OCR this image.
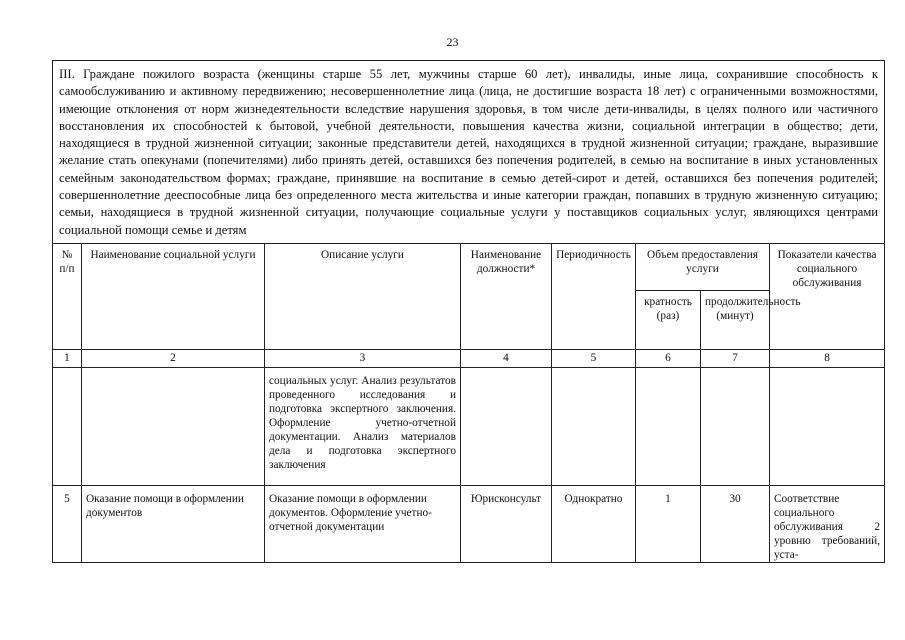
23
III. Граждане пожилого возраста (женщины старше 55 лет, мужчины старше 60 лет), инвалиды, иные лица, сохранившие способность к самообслуживанию и активному передвижению; несовершеннолетние лица (лица, не достигшие возраста 18 лет) с ограниченными возможностями, имеющие отклонения от норм жизнедеятельности вследствие нарушения здоровья, в том числе дети-инвалиды, в целях полного или частичного восстановления их способностей к бытовой, учебной деятельности, повышения качества жизни, социальной интеграции в общество; дети, находящиеся в трудной жизненной ситуации; законные представители детей, находящихся в трудной жизненной ситуации; граждане, выразившие желание стать опекунами (попечителями) либо принять детей, оставшихся без попечения родителей, в семью на воспитание в иных установленных семейным законодательством формах; граждане, принявшие на воспитание в семью детей-сирот и детей, оставшихся без попечения родителей; совершеннолетние дееспособные лица без определенного места жительства и иные категории граждан, попавших в трудную жизненную ситуацию; семьи, находящиеся в трудной жизненной ситуации, получающие социальные услуги у поставщиков социальных услуг, являющихся центрами социальной помощи семье и детям							
№ п/п	Наименование социальной услуги	Описание услуги	Наименование должности*	Периодичность	Объем предоставления услуги		Показатели качества социального обслуживания
					кратность (раз)	продолжительность (минут)	
1	2	3	4	5	6	7	8
		социальных услуг. Анализ результатов проведенного исследования и подготовка экспертного заключения. Оформление учетно-отчетной документации. Анализ материалов дела и подготовка экспертного заключения					
5	Оказание помощи в оформлении документов	Оказание помощи в оформлении документов. Оформление учетно-отчетной документации	Юрисконсульт	Однократно	1	30	Соответствие социального обслуживания 2 уровню требований, уста-
